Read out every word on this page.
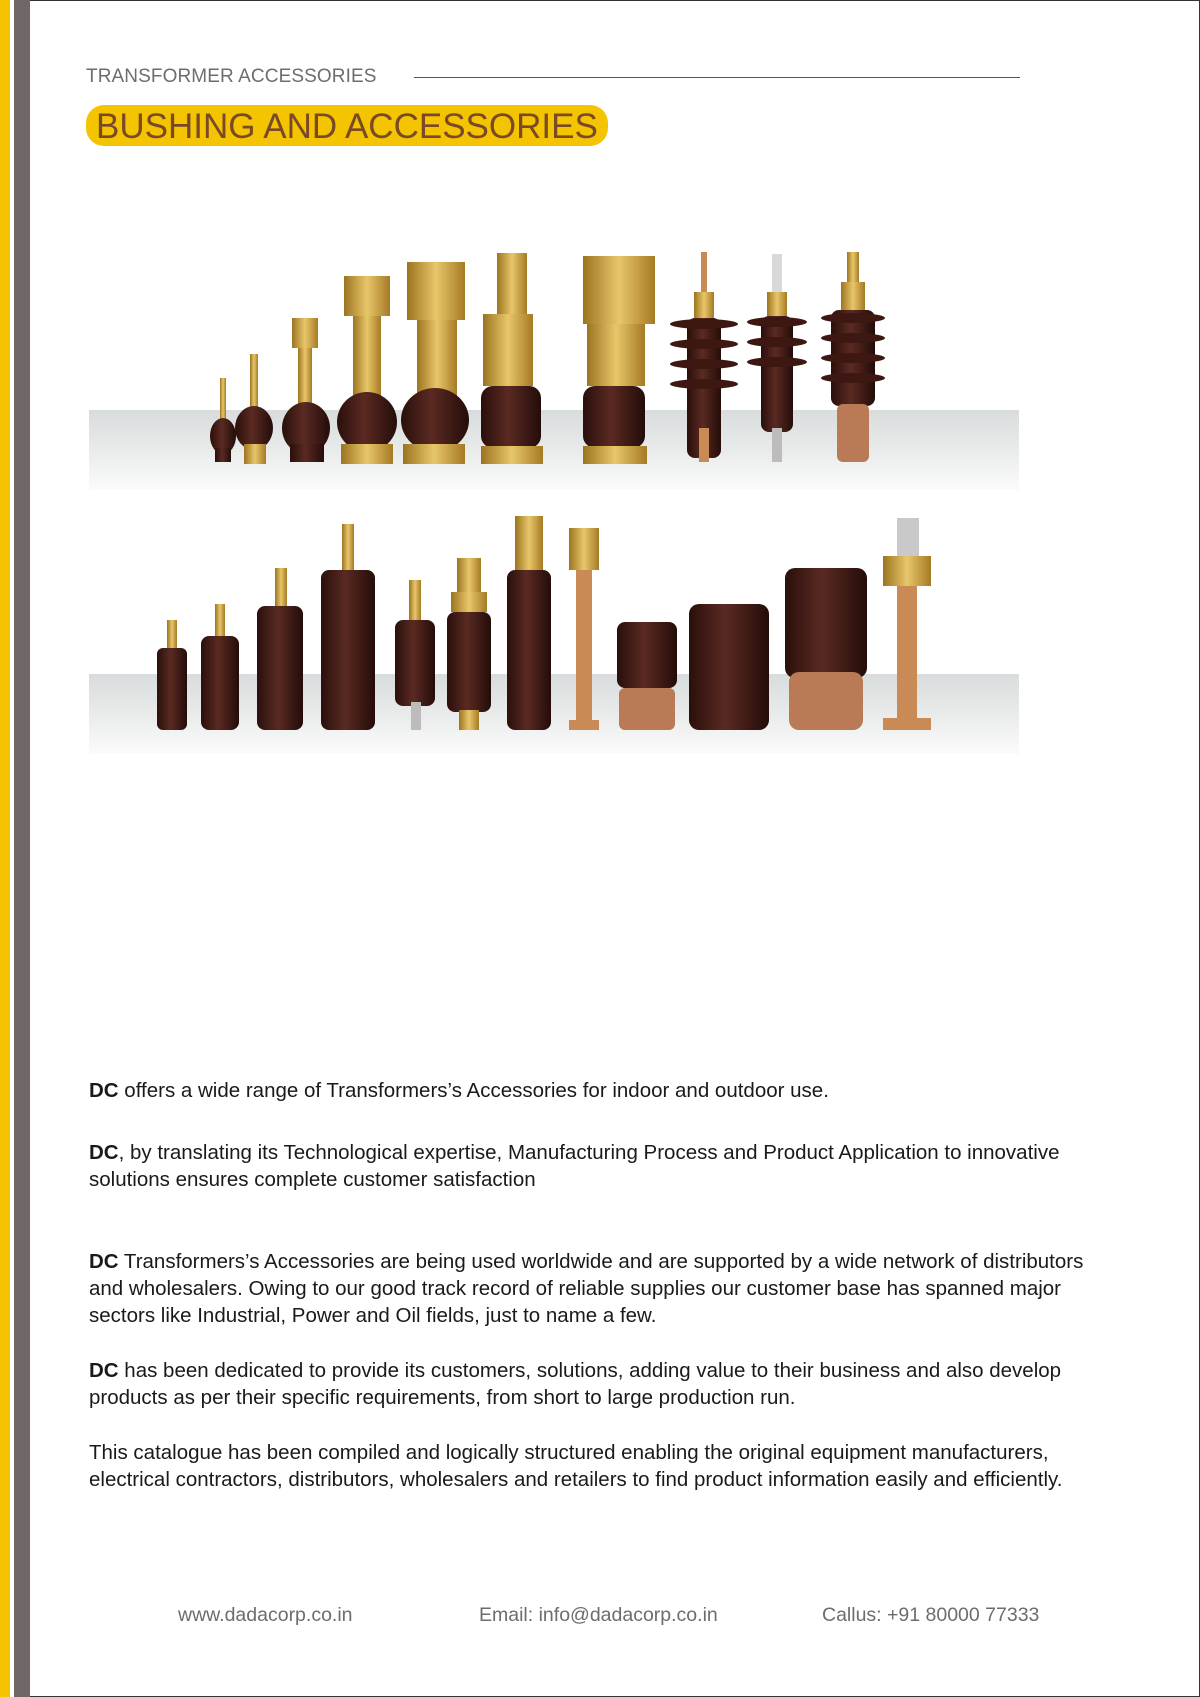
TRANSFORMER ACCESSORIES
BUSHING AND ACCESSORIES
DC offers a wide range of Transformers’s Accessories for indoor and outdoor use.
DC, by translating its Technological expertise, Manufacturing Process and Product Application to innovative solutions ensures complete customer satisfaction
DC Transformers’s Accessories are being used worldwide and are supported by a wide network of distributors and wholesalers. Owing to our good track record of reliable supplies our customer base has spanned major sectors like Industrial, Power and Oil fields, just to name a few.
DC has been dedicated to provide its customers, solutions, adding value to their business and also develop products as per their specific requirements, from short to large production run.
This catalogue has been compiled and logically structured enabling the original equipment manufacturers, electrical contractors, distributors, wholesalers and retailers to find product information easily and efficiently.
www.dadacorp.co.in	Email: info@dadacorp.co.in	Callus: +91 80000 77333
